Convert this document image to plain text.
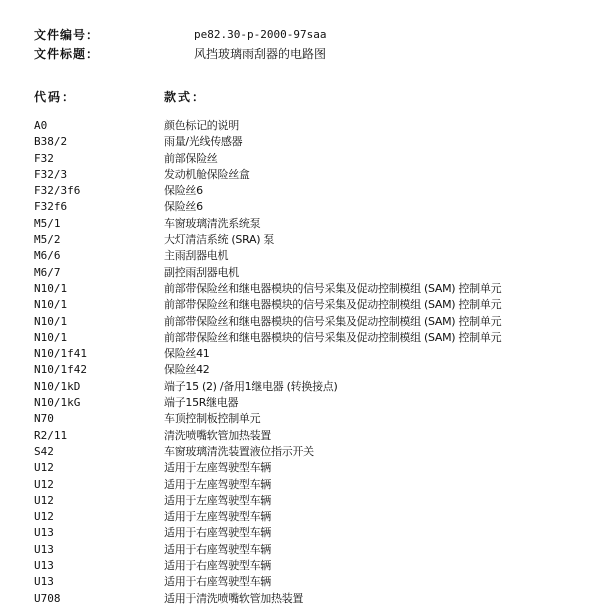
文件编号：	pe82.30-p-2000-97saa
文件标题：	风挡玻璃雨刮器的电路图
代码：	款式：
A0	颜色标记的说明
B38/2	雨量/光线传感器
F32	前部保险丝
F32/3	发动机舱保险丝盒
F32/3f6	保险丝6
F32f6	保险丝6
M5/1	车窗玻璃清洗系统泵
M5/2	大灯清洁系统 (SRA) 泵
M6/6	主雨刮器电机
M6/7	副控雨刮器电机
N10/1	前部带保险丝和继电器模块的信号采集及促动控制模组 (SAM) 控制单元
N10/1	前部带保险丝和继电器模块的信号采集及促动控制模组 (SAM) 控制单元
N10/1	前部带保险丝和继电器模块的信号采集及促动控制模组 (SAM) 控制单元
N10/1	前部带保险丝和继电器模块的信号采集及促动控制模组 (SAM) 控制单元
N10/1f41	保险丝41
N10/1f42	保险丝42
N10/1kD	端子15 (2) /备用1继电器 (转换接点)
N10/1kG	端子15R继电器
N70	车顶控制板控制单元
R2/11	清洗喷嘴软管加热装置
S42	车窗玻璃清洗装置液位指示开关
U12	适用于左座驾驶型车辆
U12	适用于左座驾驶型车辆
U12	适用于左座驾驶型车辆
U12	适用于左座驾驶型车辆
U13	适用于右座驾驶型车辆
U13	适用于右座驾驶型车辆
U13	适用于右座驾驶型车辆
U13	适用于右座驾驶型车辆
U708	适用于清洗喷嘴软管加热装置
